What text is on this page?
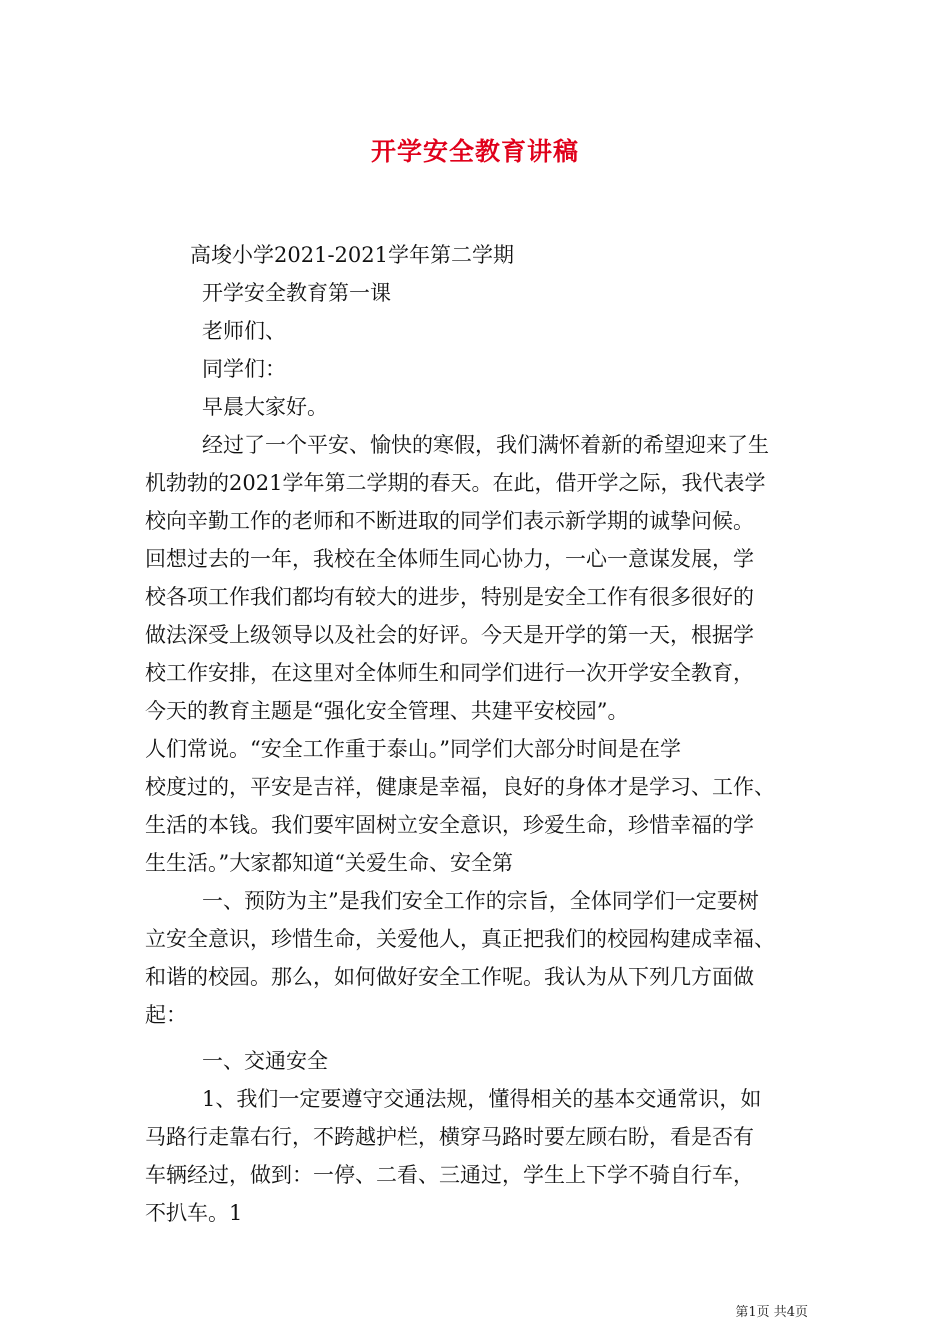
开学安全教育讲稿
高埈小学2021-2021学年第二学期
开学安全教育第一课
老师们、
同学们：
早晨大家好。
经过了一个平安、愉快的寒假，我们满怀着新的希望迎来了生
机勃勃的2021学年第二学期的春天。在此，借开学之际，我代表学
校向辛勤工作的老师和不断进取的同学们表示新学期的诚挚问候。
回想过去的一年，我校在全体师生同心协力，一心一意谋发展，学
校各项工作我们都均有较大的进步，特别是安全工作有很多很好的
做法深受上级领导以及社会的好评。今天是开学的第一天，根据学
校工作安排，在这里对全体师生和同学们进行一次开学安全教育，
今天的教育主题是“强化安全管理、共建平安校园”。
人们常说。“安全工作重于泰山。”同学们大部分时间是在学
校度过的，平安是吉祥，健康是幸福，良好的身体才是学习、工作、
生活的本钱。我们要牢固树立安全意识，珍爱生命，珍惜幸福的学
生生活。”大家都知道“关爱生命、安全第
一、预防为主”是我们安全工作的宗旨，全体同学们一定要树
立安全意识，珍惜生命，关爱他人，真正把我们的校园构建成幸福、
和谐的校园。那么，如何做好安全工作呢。我认为从下列几方面做
起：
一、交通安全
1、我们一定要遵守交通法规，懂得相关的基本交通常识，如
马路行走靠右行，不跨越护栏，横穿马路时要左顾右盼，看是否有
车辆经过，做到：一停、二看、三通过，学生上下学不骑自行车，
不扒车。1
第1页 共4页
